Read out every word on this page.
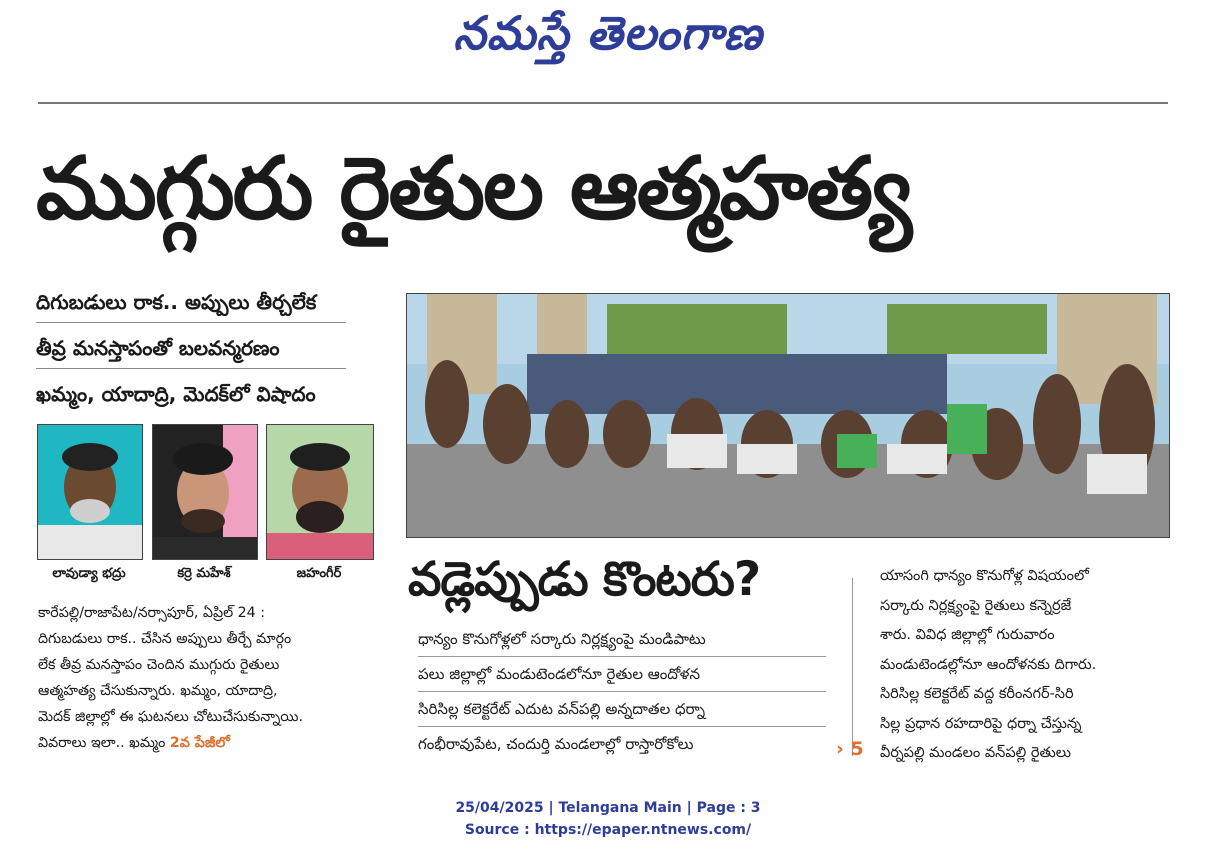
నమస్తే తెలంగాణ
ముగ్గురు రైతుల ఆత్మహత్య
దిగుబడులు రాక.. అప్పులు తీర్చలేక
తీవ్ర మనస్తాపంతో బలవన్మరణం
ఖమ్మం, యాదాద్రి, మెదక్‌లో విషాదం
లావుడ్యా భద్రు	కర్రె మహేశ్	జహంగీర్

కారేపల్లి/రాజాపేట/నర్సాపూర్, ఏప్రిల్ 24 :

దిగుబడులు రాక.. చేసిన అప్పులు తీర్చే మార్గం

లేక తీవ్ర మనస్తాపం చెందిన ముగ్గురు రైతులు

ఆత్మహత్య చేసుకున్నారు. ఖమ్మం, యాదాద్రి,

మెదక్ జిల్లాల్లో ఈ ఘటనలు చోటుచేసుకున్నాయి.

వివరాలు ఇలా.. ఖమ్మం 2వ పేజీలో

వడ్లెప్పుడు కొంటరు?
ధాన్యం కొనుగోళ్లలో సర్కారు నిర్లక్ష్యంపై మండిపాటు
పలు జిల్లాల్లో మండుటెండలోనూ రైతుల ఆందోళన
సిరిసిల్ల కలెక్టరేట్ ఎదుట వన్‌పల్లి అన్నదాతల ధర్నా
గంభీరావుపేట, చందుర్తి మండలాల్లో రాస్తారోకోలు	› 5

యాసంగి ధాన్యం కొనుగోళ్ల విషయంలో

సర్కారు నిర్లక్ష్యంపై రైతులు కన్నెర్రజే

శారు. వివిధ జిల్లాల్లో గురువారం

మండుటెండల్లోనూ ఆందోళనకు దిగారు.

సిరిసిల్ల కలెక్టరేట్ వద్ద కరీంనగర్-సిరి

సిల్ల ప్రధాన రహదారిపై ధర్నా చేస్తున్న

వీర్నపల్లి మండలం వన్‌పల్లి రైతులు

25/04/2025 | Telangana Main | Page : 3
Source : https://epaper.ntnews.com/
